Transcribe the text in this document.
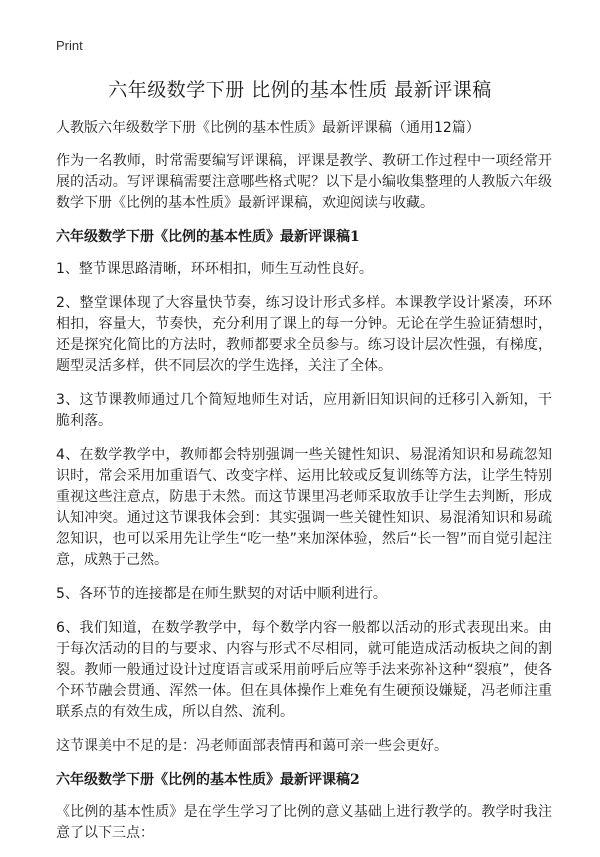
Print
六年级数学下册 比例的基本性质 最新评课稿
人教版六年级数学下册《比例的基本性质》最新评课稿（通用12篇）

作为一名教师，时常需要编写评课稿，评课是教学、教研工作过程中一项经常开展的活动。写评课稿需要注意哪些格式呢？以下是小编收集整理的人教版六年级数学下册《比例的基本性质》最新评课稿，欢迎阅读与收藏。

六年级数学下册《比例的基本性质》最新评课稿1

1、整节课思路清晰，环环相扣，师生互动性良好。

2、整堂课体现了大容量快节奏，练习设计形式多样。本课教学设计紧凑，环环相扣，容量大，节奏快，充分利用了课上的每一分钟。无论在学生验证猜想时，还是探究化简比的方法时，教师都要求全员参与。练习设计层次性强，有梯度，题型灵活多样，供不同层次的学生选择，关注了全体。

3、这节课教师通过几个简短地师生对话，应用新旧知识间的迁移引入新知，干脆利落。

4、在数学教学中，教师都会特别强调一些关键性知识、易混淆知识和易疏忽知识时，常会采用加重语气、改变字样、运用比较或反复训练等方法，让学生特别重视这些注意点，防患于未然。而这节课里冯老师采取放手让学生去判断，形成认知冲突。通过这节课我体会到：其实强调一些关键性知识、易混淆知识和易疏忽知识，也可以采用先让学生“吃一垫”来加深体验，然后“长一智”而自觉引起注意，成熟于己然。

5、各环节的连接都是在师生默契的对话中顺利进行。

6、我们知道，在数学教学中，每个数学内容一般都以活动的形式表现出来。由于每次活动的目的与要求、内容与形式不尽相同，就可能造成活动板块之间的割裂。教师一般通过设计过度语言或采用前呼后应等手法来弥补这种“裂痕”，使各个环节融会贯通、浑然一体。但在具体操作上难免有生硬预设嫌疑，冯老师注重联系点的有效生成，所以自然、流利。

这节课美中不足的是：冯老师面部表情再和蔼可亲一些会更好。

六年级数学下册《比例的基本性质》最新评课稿2

《比例的基本性质》是在学生学习了比例的意义基础上进行教学的。教学时我注意了以下三点：
